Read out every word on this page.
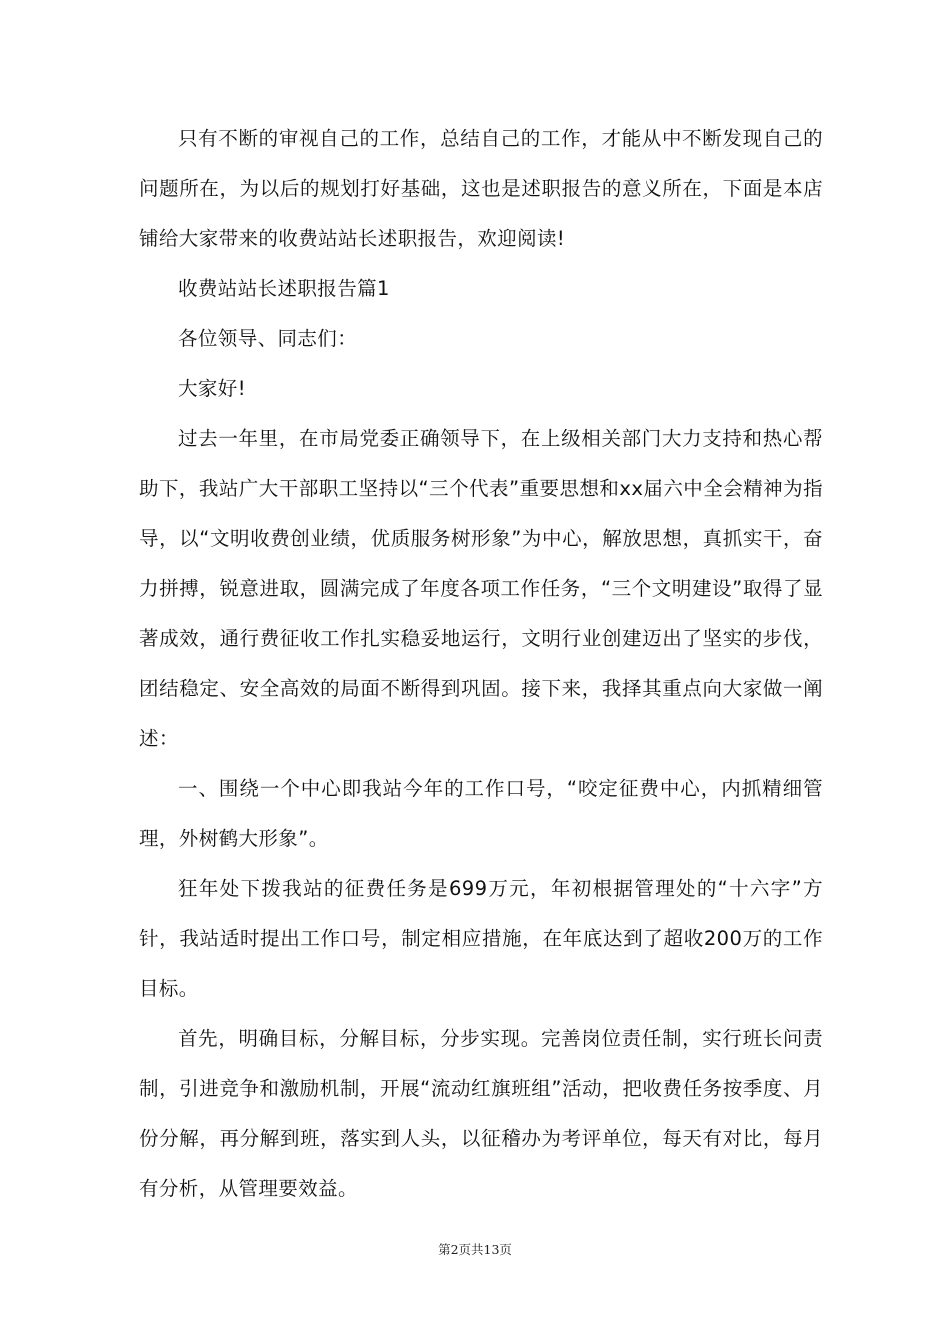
只有不断的审视自己的工作，总结自己的工作，才能从中不断发现自己的问题所在，为以后的规划打好基础，这也是述职报告的意义所在，下面是本店铺给大家带来的收费站站长述职报告，欢迎阅读!

收费站站长述职报告篇1

各位领导、同志们：

大家好!

过去一年里，在市局党委正确领导下，在上级相关部门大力支持和热心帮助下，我站广大干部职工坚持以“三个代表”重要思想和xx届六中全会精神为指导，以“文明收费创业绩，优质服务树形象”为中心，解放思想，真抓实干，奋力拼搏，锐意进取，圆满完成了年度各项工作任务，“三个文明建设”取得了显著成效，通行费征收工作扎实稳妥地运行，文明行业创建迈出了坚实的步伐，团结稳定、安全高效的局面不断得到巩固。接下来，我择其重点向大家做一阐述：

一、围绕一个中心即我站今年的工作口号，“咬定征费中心，内抓精细管理，外树鹤大形象”。

狂年处下拨我站的征费任务是699万元，年初根据管理处的“十六字”方针，我站适时提出工作口号，制定相应措施，在年底达到了超收200万的工作目标。

首先，明确目标，分解目标，分步实现。完善岗位责任制，实行班长问责制，引进竞争和激励机制，开展“流动红旗班组”活动，把收费任务按季度、月份分解，再分解到班，落实到人头，以征稽办为考评单位，每天有对比，每月有分析，从管理要效益。

第2页共13页
